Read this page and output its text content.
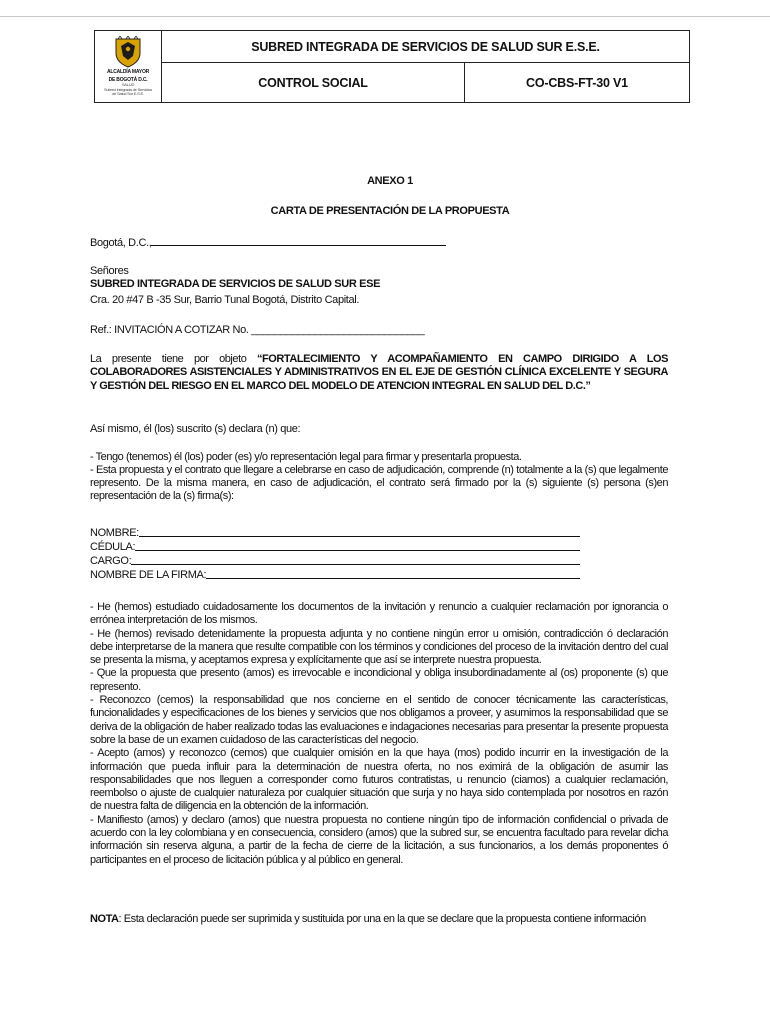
ALCALDÍA MAYOR
DE BOGOTÁ D.C.
SALUD
Subred Integrada de Servicios
de Salud Sur E.S.E.	SUBRED INTEGRADA DE SERVICIOS DE SALUD SUR E.S.E.	
	CONTROL SOCIAL	CO-CBS-FT-30 V1
ANEXO 1
CARTA DE PRESENTACIÓN DE LA PROPUESTA
Bogotá, D.C.,
Señores
SUBRED INTEGRADA DE SERVICIOS DE SALUD SUR ESE
Cra. 20 #47 B -35 Sur, Barrio Tunal Bogotá, Distrito Capital.
Ref.: INVITACIÓN A COTIZAR No. ______________________________
La presente tiene por objeto “FORTALECIMIENTO Y ACOMPAÑAMIENTO EN CAMPO DIRIGIDO A LOS COLABORADORES ASISTENCIALES Y ADMINISTRATIVOS EN EL EJE DE GESTIÓN CLÍNICA EXCELENTE Y SEGURA Y GESTIÓN DEL RIESGO EN EL MARCO DEL MODELO DE ATENCION INTEGRAL EN SALUD DEL D.C.”
Así mismo, él (los) suscrito (s) declara (n) que:
- Tengo (tenemos) él (los) poder (es) y/o representación legal para firmar y presentarla propuesta.
- Esta propuesta y el contrato que llegare a celebrarse en caso de adjudicación, comprende (n) totalmente a la (s) que legalmente represento. De la misma manera, en caso de adjudicación, el contrato será firmado por la (s) siguiente (s) persona (s)en representación de la (s) firma(s):
NOMBRE:
CÉDULA:
CARGO:
NOMBRE DE LA FIRMA:
- He (hemos) estudiado cuidadosamente los documentos de la invitación y renuncio a cualquier reclamación por ignorancia o errónea interpretación de los mismos.
- He (hemos) revisado detenidamente la propuesta adjunta y no contiene ningún error u omisión, contradicción ó declaración debe interpretarse de la manera que resulte compatible con los términos y condiciones del proceso de la invitación dentro del cual se presenta la misma, y aceptamos expresa y explícitamente que así se interprete nuestra propuesta.
- Que la propuesta que presento (amos) es irrevocable e incondicional y obliga insubordinadamente al (os) proponente (s) que represento.
- Reconozco (cemos) la responsabilidad que nos concierne en el sentido de conocer técnicamente las características, funcionalidades y especificaciones de los bienes y servicios que nos obligamos a proveer, y asumimos la responsabilidad que se deriva de la obligación de haber realizado todas las evaluaciones e indagaciones necesarias para presentar la presente propuesta sobre la base de un examen cuidadoso de las características del negocio.
- Acepto (amos) y reconozco (cemos) que cualquier omisión en la que haya (mos) podido incurrir en la investigación de la información que pueda influir para la determinación de nuestra oferta, no nos eximirá de la obligación de asumir las responsabilidades que nos lleguen a corresponder como futuros contratistas, u renuncio (ciamos) a cualquier reclamación, reembolso o ajuste de cualquier naturaleza por cualquier situación que surja y no haya sido contemplada por nosotros en razón de nuestra falta de diligencia en la obtención de la información.
- Manifiesto (amos) y declaro (amos) que nuestra propuesta no contiene ningún tipo de información confidencial o privada de acuerdo con la ley colombiana y en consecuencia, considero (amos) que la subred sur, se encuentra facultado para revelar dicha información sin reserva alguna, a partir de la fecha de cierre de la licitación, a sus funcionarios, a los demás proponentes ó participantes en el proceso de licitación pública y al público en general.
NOTA: Esta declaración puede ser suprimida y sustituida por una en la que se declare que la propuesta contiene información
